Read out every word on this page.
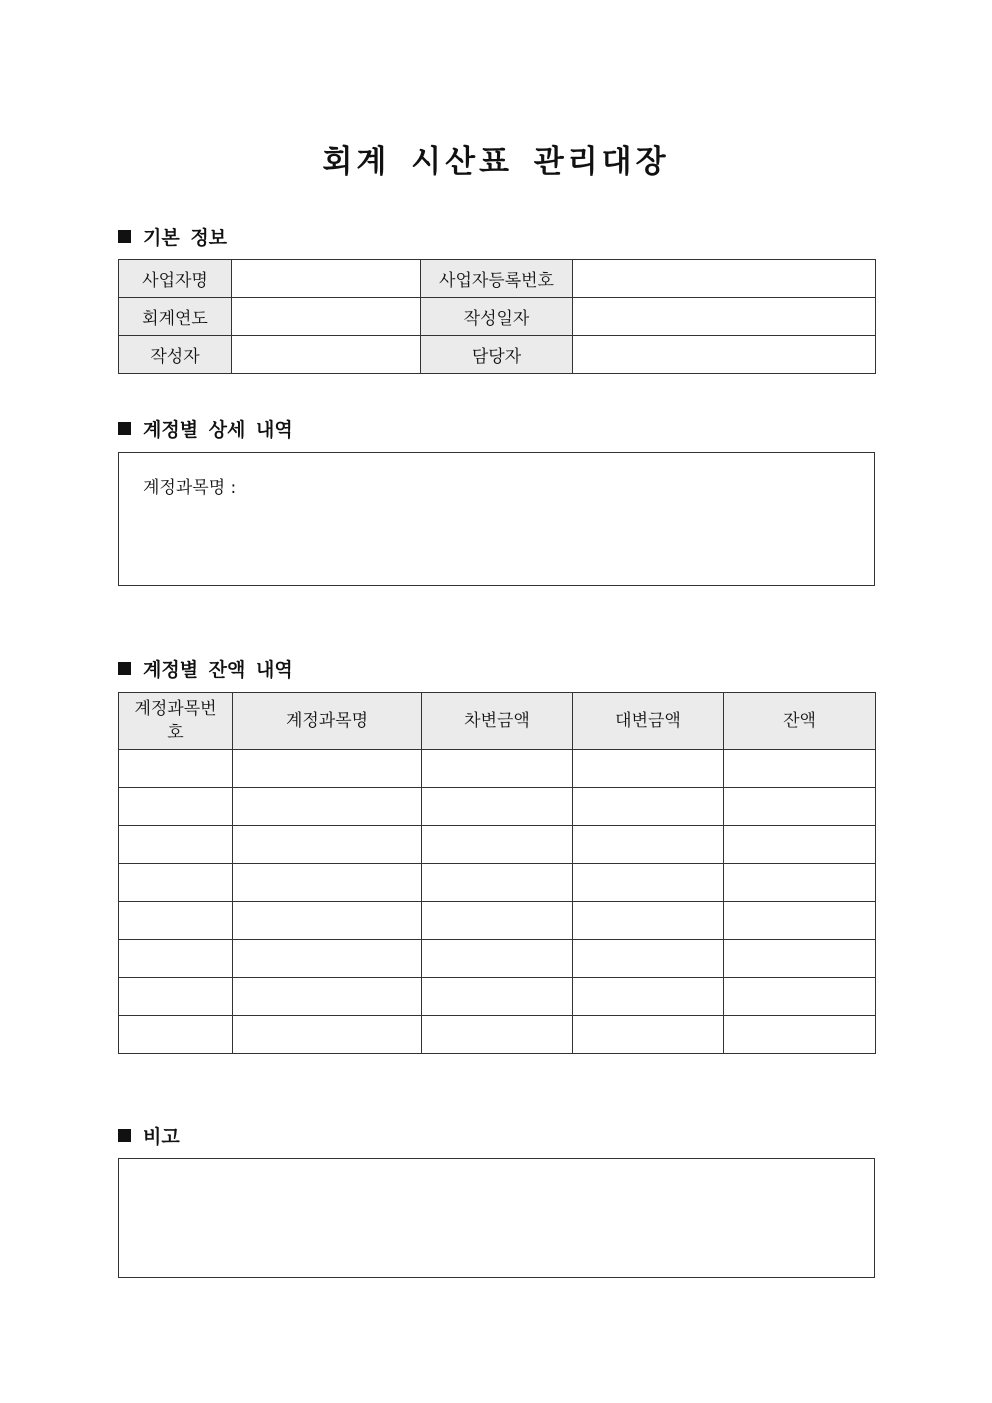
회계 시산표 관리대장
기본 정보
사업자명		사업자등록번호	
회계연도		작성일자	
작성자		담당자	
계정별 상세 내역
계정과목명 :
계정별 잔액 내역
계정과목번호	계정과목명	차변금액	대변금액	잔액

비고
